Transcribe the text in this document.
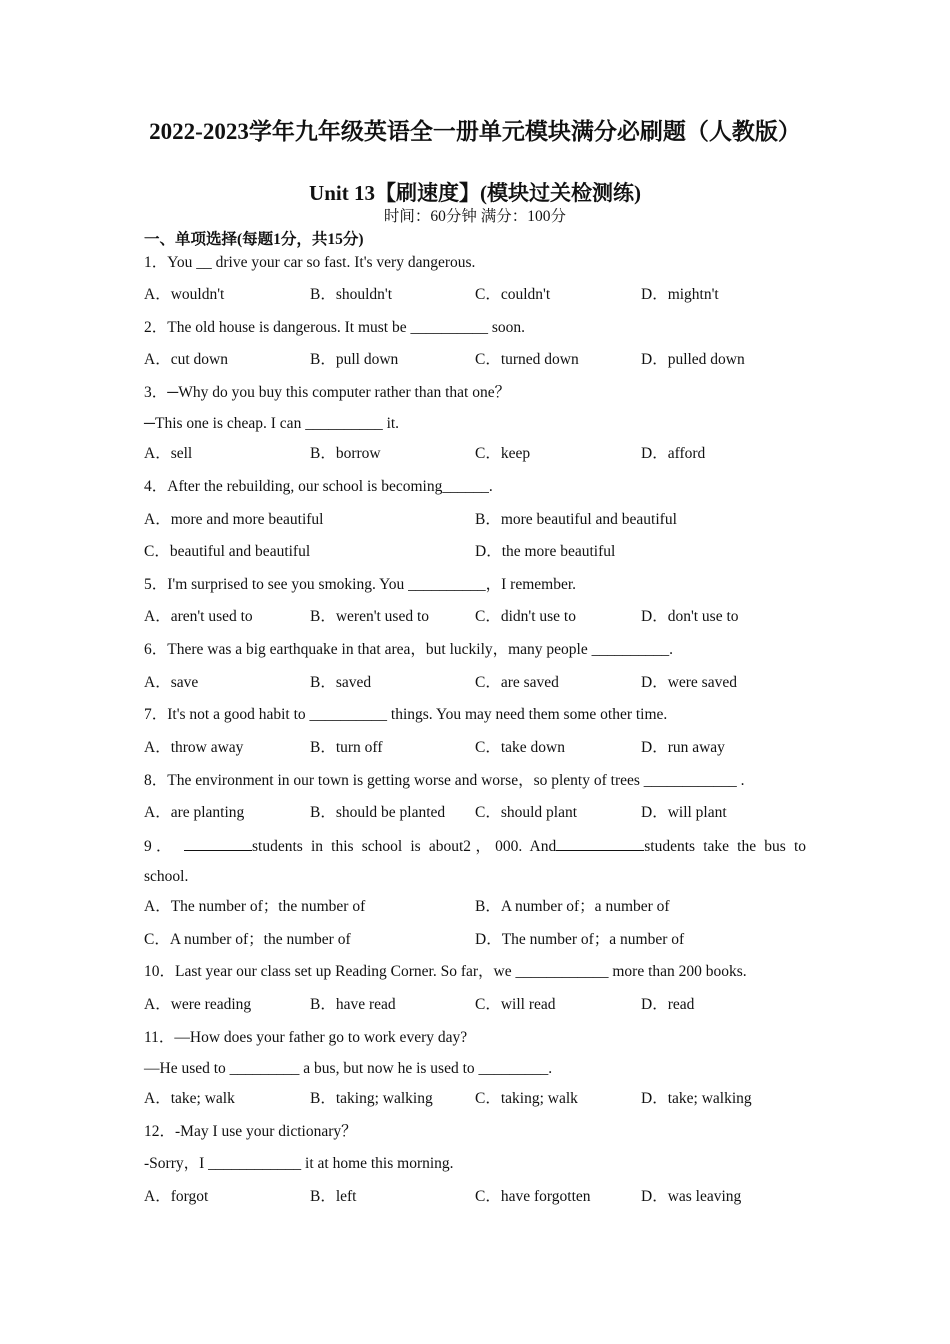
2022-2023学年九年级英语全一册单元模块满分必刷题（人教版）
Unit 13【刷速度】(模块过关检测练)
时间：60分钟 满分：100分
一、单项选择(每题1分，共15分)
1．You __ drive your car so fast. It's very dangerous.
A．wouldn't	B．shouldn't	C．couldn't	D．mightn't
2．The old house is dangerous. It must be __________ soon.
A．cut down	B．pull down	C．turned down	D．pulled down
3．─Why do you buy this computer rather than that one？
─This one is cheap. I can __________ it.
A．sell	B．borrow	C．keep	D．afford
4．After the rebuilding, our school is becoming______.
A．more and more beautiful	B．more beautiful and beautiful
C．beautiful and beautiful	D．the more beautiful
5．I'm surprised to see you smoking. You __________，I remember.
A．aren't used to	B．weren't used to	C．didn't use to	D．don't use to
6．There was a big earthquake in that area，but luckily，many people __________.
A．save	B．saved	C．are saved	D．were saved
7．It's not a good habit to __________ things. You may need them some other time.
A．throw away	B．turn off	C．take down	D．run away
8．The environment in our town is getting worse and worse，so plenty of trees ____________ .
A．are planting	B．should be planted C．should plant	D．will plant
9．	students in this school is about2，000. And	students take the bus to
school.
A．The number of；the number of	B．A number of；a number of
C．A number of；the number of	D．The number of；a number of
10．Last year our class set up Reading Corner. So far，we ____________ more than 200 books.
A．were reading	B．have read	C．will read	D．read
11．—How does your father go to work every day?
—He used to _________ a bus, but now he is used to _________.
A．take; walk	B．taking; walking	C．taking; walk	D．take; walking
12．-May I use your dictionary？
-Sorry，I ____________ it at home this morning.
A．forgot	B．left	C．have forgotten	D．was leaving
